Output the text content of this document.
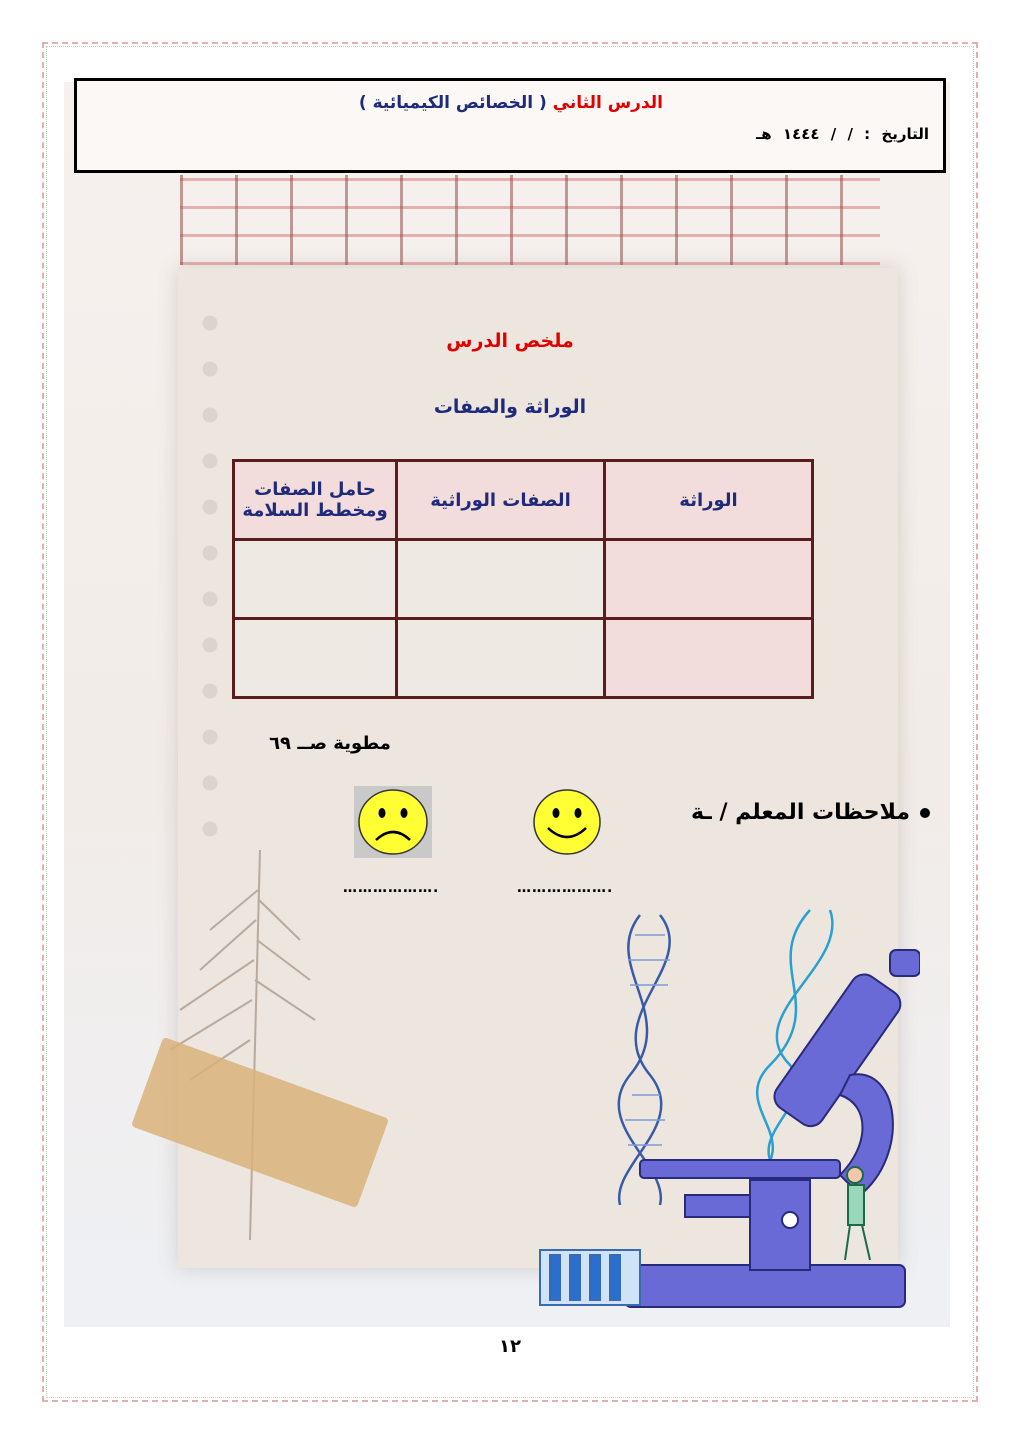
الدرس الثاني ( الخصائص الكيميائية )
التاريخ : / / ١٤٤٤ هـ
ملخص الدرس
الوراثة والصفات
الوراثة	الصفات الوراثية	حامل الصفات ومخطط السلامة

مطوية صــ ٦٩
ملاحظات المعلم / ـة
……………….
……………….
١٢
